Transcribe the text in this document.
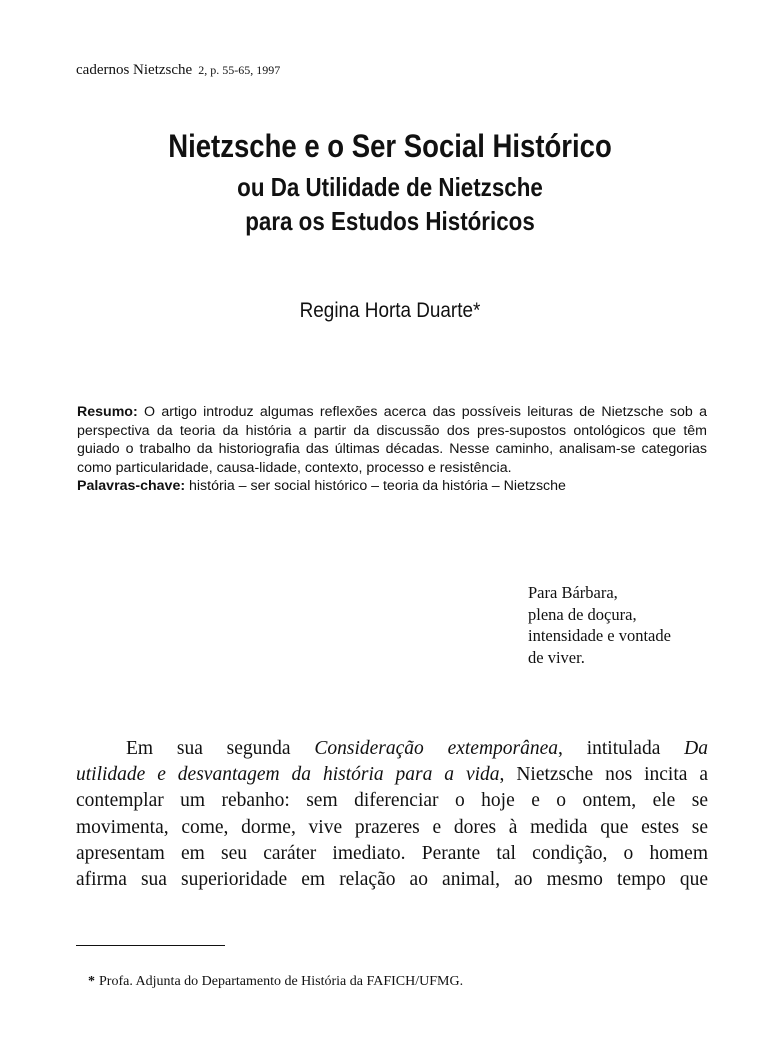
cadernos Nietzsche 2, p. 55-65, 1997
Nietzsche e o Ser Social Histórico
ou Da Utilidade de Nietzsche
para os Estudos Históricos
Regina Horta Duarte*

Resumo: O artigo introduz algumas reflexões acerca das possíveis leituras de Nietzsche sob a perspectiva da teoria da história a partir da discussão dos pres-supostos ontológicos que têm guiado o trabalho da historiografia das últimas décadas. Nesse caminho, analisam-se categorias como particularidade, causa-lidade, contexto, processo e resistência.

Palavras-chave: história – ser social histórico – teoria da história – Nietzsche

Para Bárbara,
plena de doçura,
intensidade e vontade
de viver.
Em sua segunda Consideração extemporânea, intitulada Da
utilidade e desvantagem da história para a vida, Nietzsche nos incita a
contemplar um rebanho: sem diferenciar o hoje e o ontem, ele se
movimenta, come, dorme, vive prazeres e dores à medida que estes se
apresentam em seu caráter imediato. Perante tal condição, o homem
afirma sua superioridade em relação ao animal, ao mesmo tempo que
* Profa. Adjunta do Departamento de História da FAFICH/UFMG.
